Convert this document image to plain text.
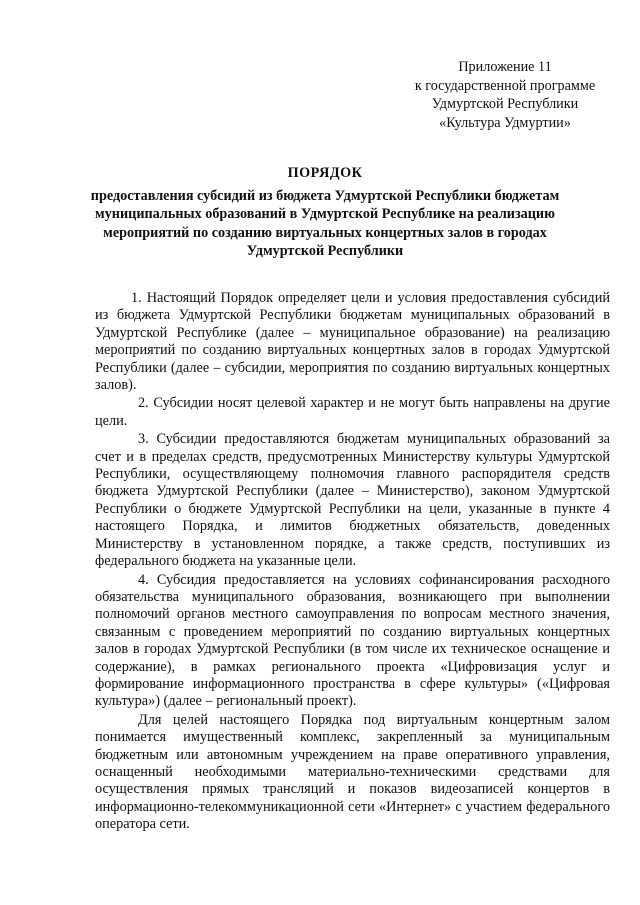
Приложение 11
к государственной программе
Удмуртской Республики
«Культура Удмуртии»
ПОРЯДОК
предоставления субсидий из бюджета Удмуртской Республики бюджетам муниципальных образований в Удмуртской Республике на реализацию мероприятий по созданию виртуальных концертных залов в городах Удмуртской Республики

1. Настоящий Порядок определяет цели и условия предоставления субсидий из бюджета Удмуртской Республики бюджетам муниципальных образований в Удмуртской Республике (далее – муниципальное образование) на реализацию мероприятий по созданию виртуальных концертных залов в городах Удмуртской Республики (далее – субсидии, мероприятия по созданию виртуальных концертных залов).

2. Субсидии носят целевой характер и не могут быть направлены на другие цели.

3. Субсидии предоставляются бюджетам муниципальных образований за счет и в пределах средств, предусмотренных Министерству культуры Удмуртской Республики, осуществляющему полномочия главного распорядителя средств бюджета Удмуртской Республики (далее – Министерство), законом Удмуртской Республики о бюджете Удмуртской Республики на цели, указанные в пункте 4 настоящего Порядка, и лимитов бюджетных обязательств, доведенных Министерству в установленном порядке, а также средств, поступивших из федерального бюджета на указанные цели.

4. Субсидия предоставляется на условиях софинансирования расходного обязательства муниципального образования, возникающего при выполнении полномочий органов местного самоуправления по вопросам местного значения, связанным с проведением мероприятий по созданию виртуальных концертных залов в городах Удмуртской Республики (в том числе их техническое оснащение и содержание), в рамках регионального проекта «Цифровизация услуг и формирование информационного пространства в сфере культуры» («Цифровая культура») (далее – региональный проект).

Для целей настоящего Порядка под виртуальным концертным залом понимается имущественный комплекс, закрепленный за муниципальным бюджетным или автономным учреждением на праве оперативного управления, оснащенный необходимыми материально-техническими средствами для осуществления прямых трансляций и показов видеозаписей концертов в информационно-телекоммуникационной сети «Интернет» с участием федерального оператора сети.
